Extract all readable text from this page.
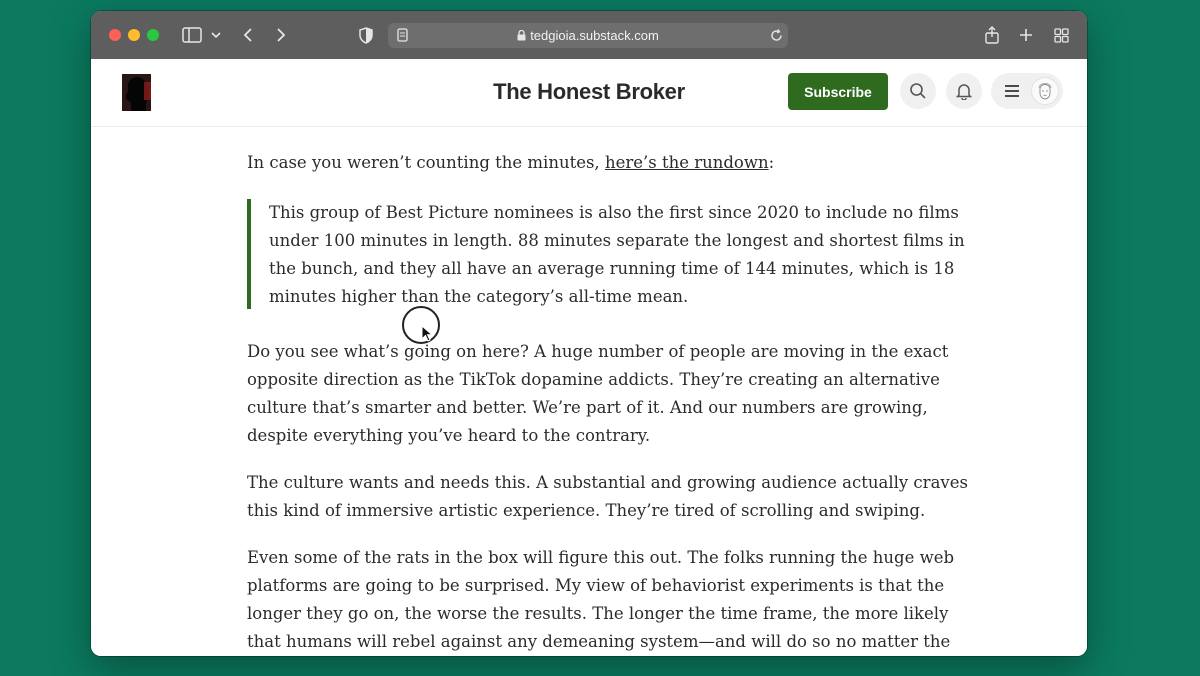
tedgioia.substack.com
The Honest Broker	Subscribe

In case you weren’t counting the minutes, here’s the rundown:

This group of Best Picture nominees is also the first since 2020 to include no films
under 100 minutes in length. 88 minutes separate the longest and shortest films in
the bunch, and they all have an average running time of 144 minutes, which is 18
minutes higher than the category’s all-time mean.
Do you see what’s going on here? A huge number of people are moving in the exact
opposite direction as the TikTok dopamine addicts. They’re creating an alternative
culture that’s smarter and better. We’re part of it. And our numbers are growing,
despite everything you’ve heard to the contrary.
The culture wants and needs this. A substantial and growing audience actually craves
this kind of immersive artistic experience. They’re tired of scrolling and swiping.
Even some of the rats in the box will figure this out. The folks running the huge web
platforms are going to be surprised. My view of behaviorist experiments is that the
longer they go on, the worse the results. The longer the time frame, the more likely
that humans will rebel against any demeaning system—and will do so no matter the
